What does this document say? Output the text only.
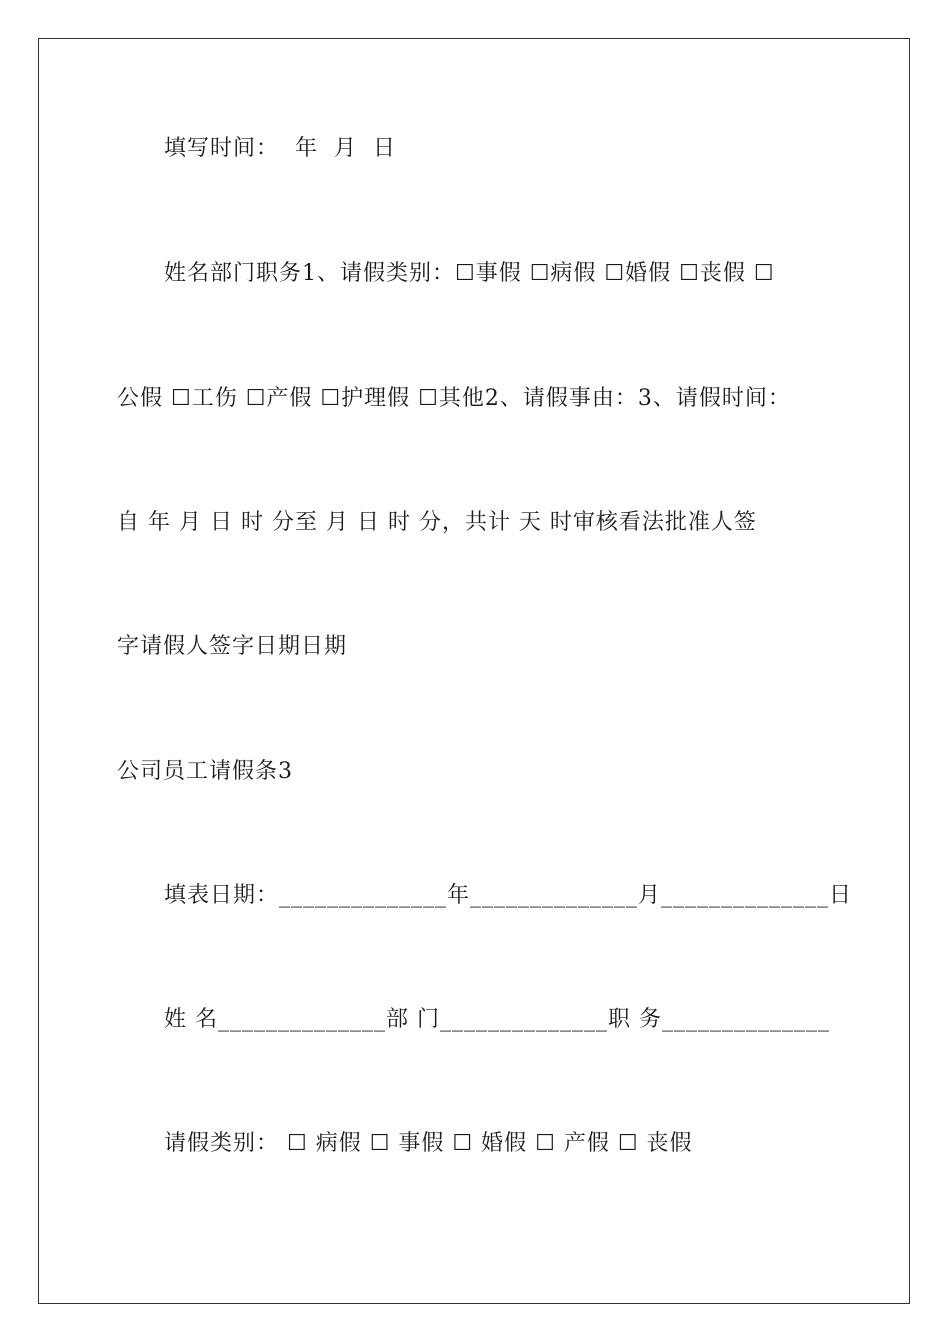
填写时间：  年  月  日
姓名部门职务1、请假类别：☐事假 ☐病假 ☐婚假 ☐丧假 ☐
公假 ☐工伤 ☐产假 ☐护理假 ☐其他2、请假事由：3、请假时间：
自 年 月 日 时 分至 月 日 时 分，共计 天 时审核看法批准人签
字请假人签字日期日期
公司员工请假条3
填表日期：______________年______________月______________日
姓 名______________部 门______________职 务______________
请假类别： ☐ 病假 ☐ 事假 ☐ 婚假 ☐ 产假 ☐ 丧假
